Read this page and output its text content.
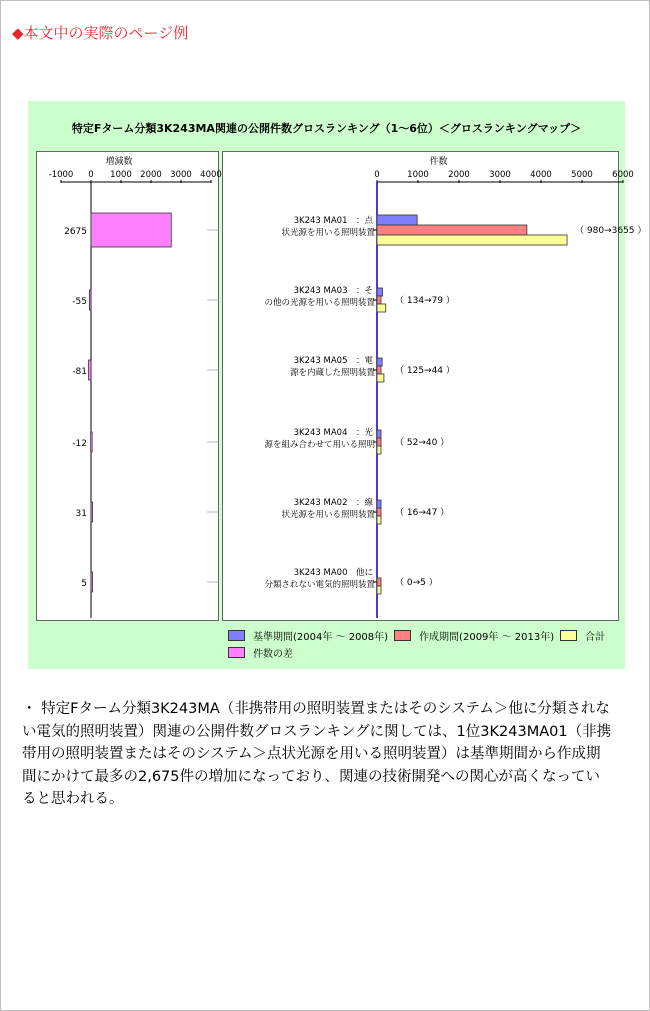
◆本文中の実際のページ例
特定Fターム分類3K243MA関連の公開件数グロスランキング（1～6位）＜グロスランキングマップ＞
増減数
-1000 0 1000 2000 3000 4000
2675
-55
-81
-12
31
5
件数
0	1000 2000 3000 4000 5000 6000
3K243 MA01　：点
状光源を用いる照明装置	（ 980→3655 ）
3K243 MA03　：そ
の他の光源を用いる照明装置 （ 134→79 ）
3K243 MA05　：電
源を内蔵した照明装置 （ 125→44 ）
3K243 MA04　：光
源を組み合わせて用いる照明 （ 52→40 ）
3K243 MA02　：線
状光源を用いる照明装置 （ 16→47 ）
3K243 MA00　他に
分類されない電気的照明装置 （ 0→5 ）
基準期間(2004年 ～ 2008年)	作成期間(2009年 ～ 2013年)	合計
件数の差
・ 特定Fターム分類3K243MA（非携帯用の照明装置またはそのシステム＞他に分類されない電気的照明装置）関連の公開件数グロスランキングに関しては、1位3K243MA01（非携帯用の照明装置またはそのシステム＞点状光源を用いる照明装置）は基準期間から作成期間にかけて最多の2,675件の増加になっており、関連の技術開発への関心が高くなっていると思われる。
